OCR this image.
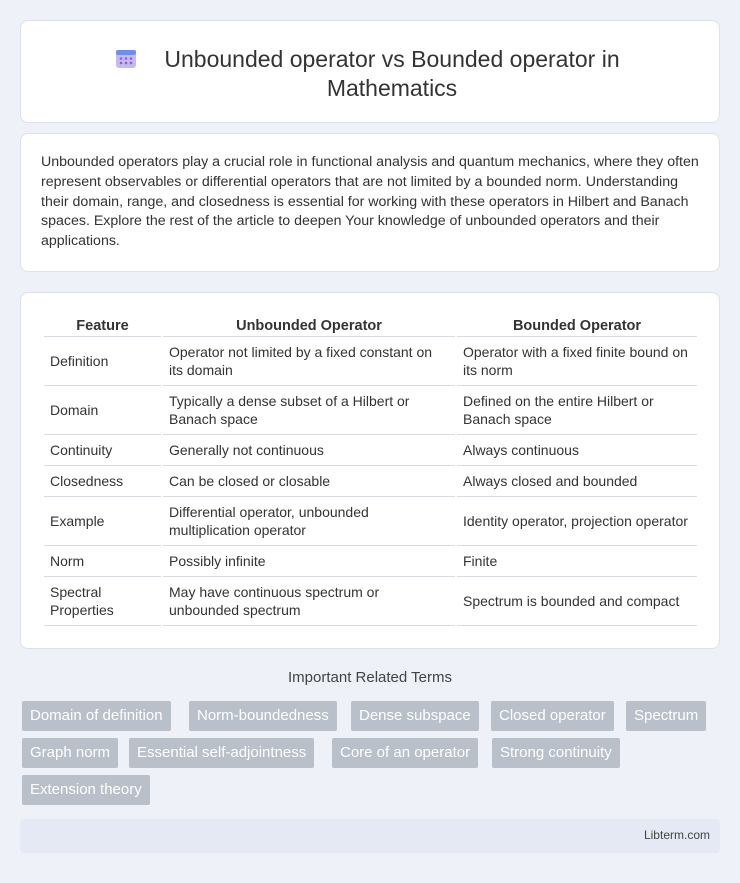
Unbounded operator vs Bounded operator in Mathematics

Unbounded operators play a crucial role in functional analysis and quantum mechanics, where they often represent observables or differential operators that are not limited by a bounded norm. Understanding their domain, range, and closedness is essential for working with these operators in Hilbert and Banach spaces. Explore the rest of the article to deepen Your knowledge of unbounded operators and their applications.

Feature	Unbounded Operator	Bounded Operator
Definition	Operator not limited by a fixed constant on its domain	Operator with a fixed finite bound on its norm
Domain	Typically a dense subset of a Hilbert or Banach space	Defined on the entire Hilbert or Banach space
Continuity	Generally not continuous	Always continuous
Closedness	Can be closed or closable	Always closed and bounded
Example	Differential operator, unbounded multiplication operator	Identity operator, projection operator
Norm	Possibly infinite	Finite
Spectral Properties	May have continuous spectrum or unbounded spectrum	Spectrum is bounded and compact
Important Related Terms
Domain of definition	Norm-boundedness	Dense subspace	Closed operator	Spectrum
Graph norm	Essential self-adjointness	Core of an operator	Strong continuity
Extension theory
Libterm.com
